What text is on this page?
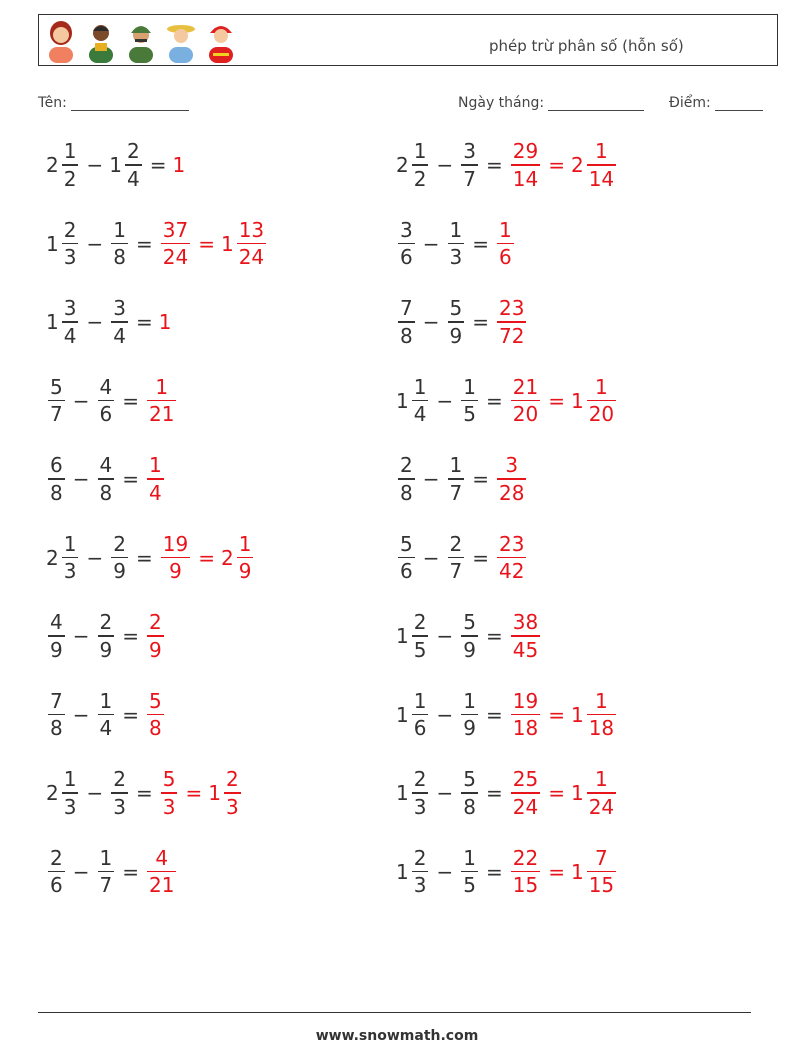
phép trừ phân số (hỗn số)
Tên:	Ngày tháng:	Điểm:
$2 \frac{1}{2} - 1 \frac{2}{4} = 1$	$2 \frac{1}{2} - \frac{3}{7} = \frac{29}{14} = 2 \frac{1}{14}$
$1 \frac{2}{3} - \frac{1}{8} = \frac{37}{24} = 1 \frac{13}{24}$	$\frac{3}{6} - \frac{1}{3} = \frac{1}{6}$
$1 \frac{3}{4} - \frac{3}{4} = 1$	$\frac{7}{8} - \frac{5}{9} = \frac{23}{72}$
$\frac{5}{7} - \frac{4}{6} = \frac{1}{21}$	$1 \frac{1}{4} - \frac{1}{5} = \frac{21}{20} = 1 \frac{1}{20}$
$\frac{6}{8} - \frac{4}{8} = \frac{1}{4}$	$\frac{2}{8} - \frac{1}{7} = \frac{3}{28}$
$2 \frac{1}{3} - \frac{2}{9} = \frac{19}{9} = 2 \frac{1}{9}$	$\frac{5}{6} - \frac{2}{7} = \frac{23}{42}$
$\frac{4}{9} - \frac{2}{9} = \frac{2}{9}$	$1 \frac{2}{5} - \frac{5}{9} = \frac{38}{45}$
$\frac{7}{8} - \frac{1}{4} = \frac{5}{8}$	$1 \frac{1}{6} - \frac{1}{9} = \frac{19}{18} = 1 \frac{1}{18}$
$2 \frac{1}{3} - \frac{2}{3} = \frac{5}{3} = 1 \frac{2}{3}$	$1 \frac{2}{3} - \frac{5}{8} = \frac{25}{24} = 1 \frac{1}{24}$
$\frac{2}{6} - \frac{1}{7} = \frac{4}{21}$	$1 \frac{2}{3} - \frac{1}{5} = \frac{22}{15} = 1 \frac{7}{15}$
www.snowmath.com
